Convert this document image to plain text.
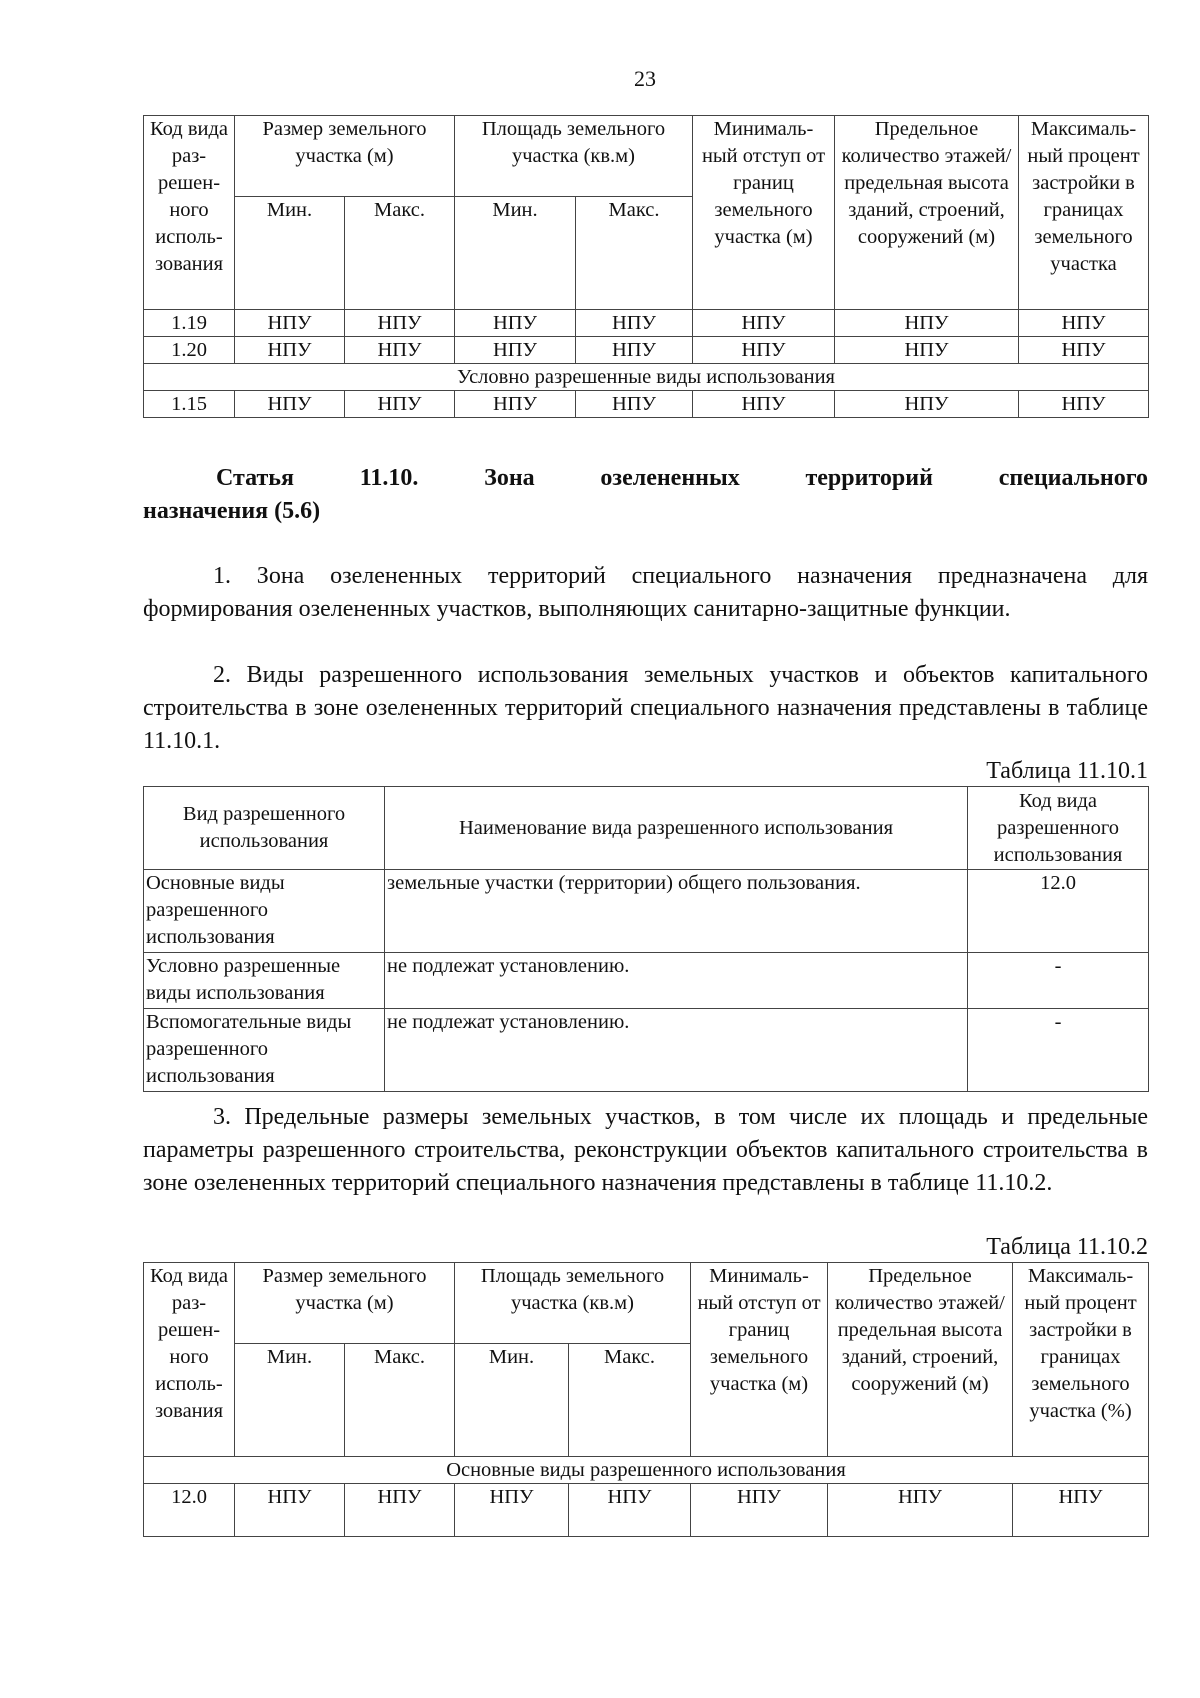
23
Код вида раз- решен- ного исполь- зования	Размер земельного участка (м)		Площадь земельного участка (кв.м)		Минималь- ный отступ от границ земельного участка (м)	Предельное количество этажей/ предельная высота зданий, строений, сооружений (м)	Максималь- ный процент застройки в границах земельного участка
	Мин.	Макс.	Мин.	Макс.			
1.19	НПУ	НПУ	НПУ	НПУ	НПУ	НПУ	НПУ
1.20	НПУ	НПУ	НПУ	НПУ	НПУ	НПУ	НПУ
Условно разрешенные виды использования							
1.15	НПУ	НПУ	НПУ	НПУ	НПУ	НПУ	НПУ
Статья 11.10. Зона озелененных территорий специального
назначения (5.6)
1. Зона озелененных территорий специального назначения предназначена для формирования озелененных участков, выполняющих санитарно-защитные функции.
2. Виды разрешенного использования земельных участков и объектов капитального строительства в зоне озелененных территорий специального назначения представлены в таблице 11.10.1.
Таблица 11.10.1
Вид разрешенного использования	Наименование вида разрешенного использования	Код вида разрешенного использования
Основные виды разрешенного использования	земельные участки (территории) общего пользования.	12.0
Условно разрешенные виды использования	не подлежат установлению.	-
Вспомогательные виды разрешенного использования	не подлежат установлению.	-
3. Предельные размеры земельных участков, в том числе их площадь и предельные параметры разрешенного строительства, реконструкции объектов капитального строительства в зоне озелененных территорий специального назначения представлены в таблице 11.10.2.
Таблица 11.10.2
Код вида раз- решен- ного исполь- зования	Размер земельного участка (м)		Площадь земельного участка (кв.м)		Минималь- ный отступ от границ земельного участка (м)	Предельное количество этажей/ предельная высота зданий, строений, сооружений (м)	Максималь- ный процент застройки в границах земельного участка (%)
	Мин.	Макс.	Мин.	Макс.			
Основные виды разрешенного использования							
12.0	НПУ	НПУ	НПУ	НПУ	НПУ	НПУ	НПУ
